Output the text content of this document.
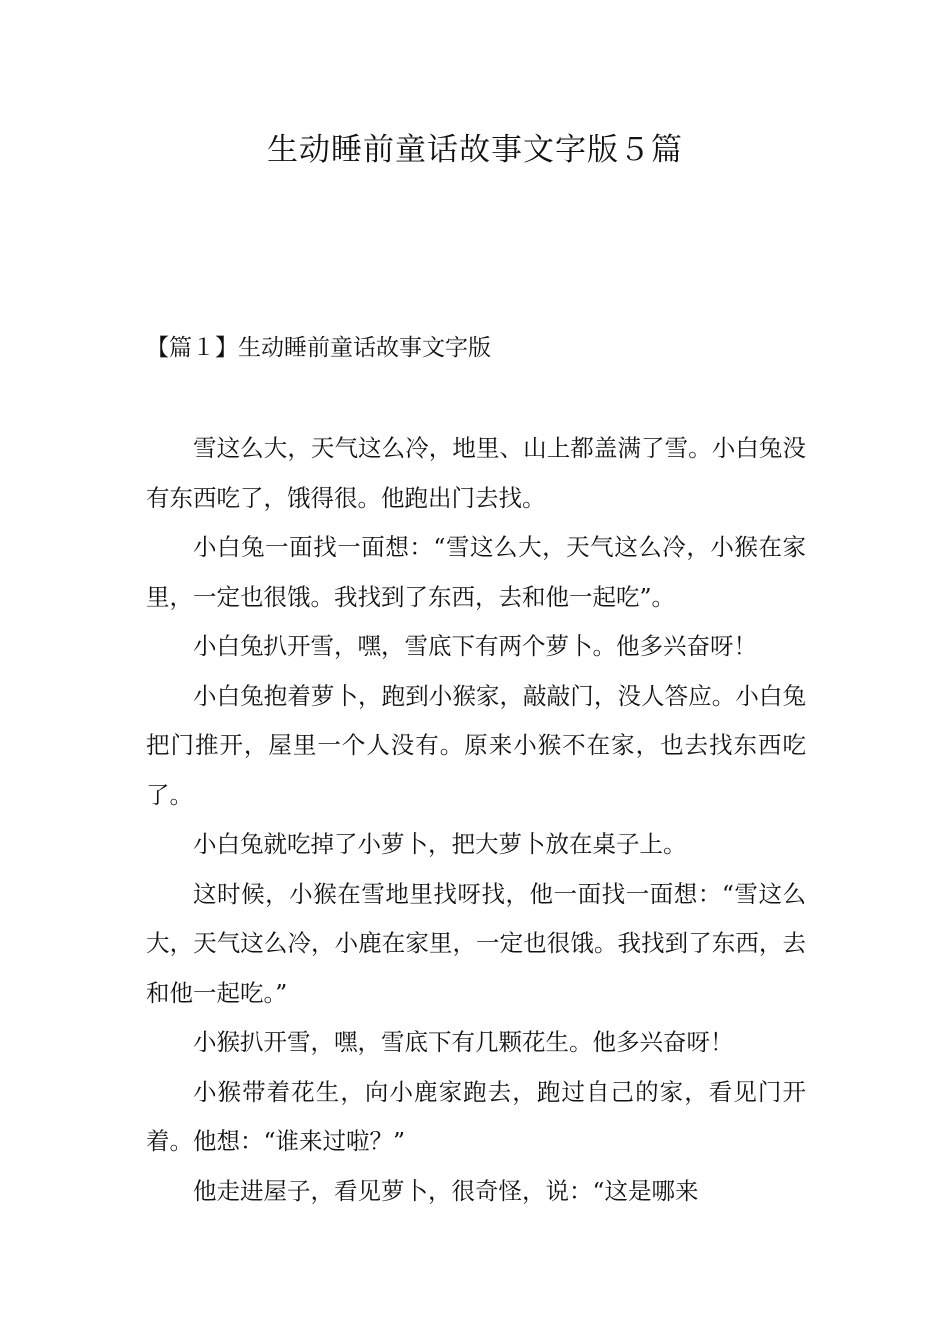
生动睡前童话故事文字版５篇
【篇１】生动睡前童话故事文字版

雪这么大，天气这么冷，地里、山上都盖满了雪。小白兔没有东西吃了，饿得很。他跑出门去找。

小白兔一面找一面想：“雪这么大，天气这么冷，小猴在家里，一定也很饿。我找到了东西，去和他一起吃”。

小白兔扒开雪，嘿，雪底下有两个萝卜。他多兴奋呀！

小白兔抱着萝卜，跑到小猴家，敲敲门，没人答应。小白兔把门推开，屋里一个人没有。原来小猴不在家，也去找东西吃了。

小白兔就吃掉了小萝卜，把大萝卜放在桌子上。

这时候，小猴在雪地里找呀找，他一面找一面想：“雪这么大，天气这么冷，小鹿在家里，一定也很饿。我找到了东西，去和他一起吃。”

小猴扒开雪，嘿，雪底下有几颗花生。他多兴奋呀！

小猴带着花生，向小鹿家跑去，跑过自己的家，看见门开着。他想：“谁来过啦？”

他走进屋子，看见萝卜，很奇怪，说：“这是哪来
